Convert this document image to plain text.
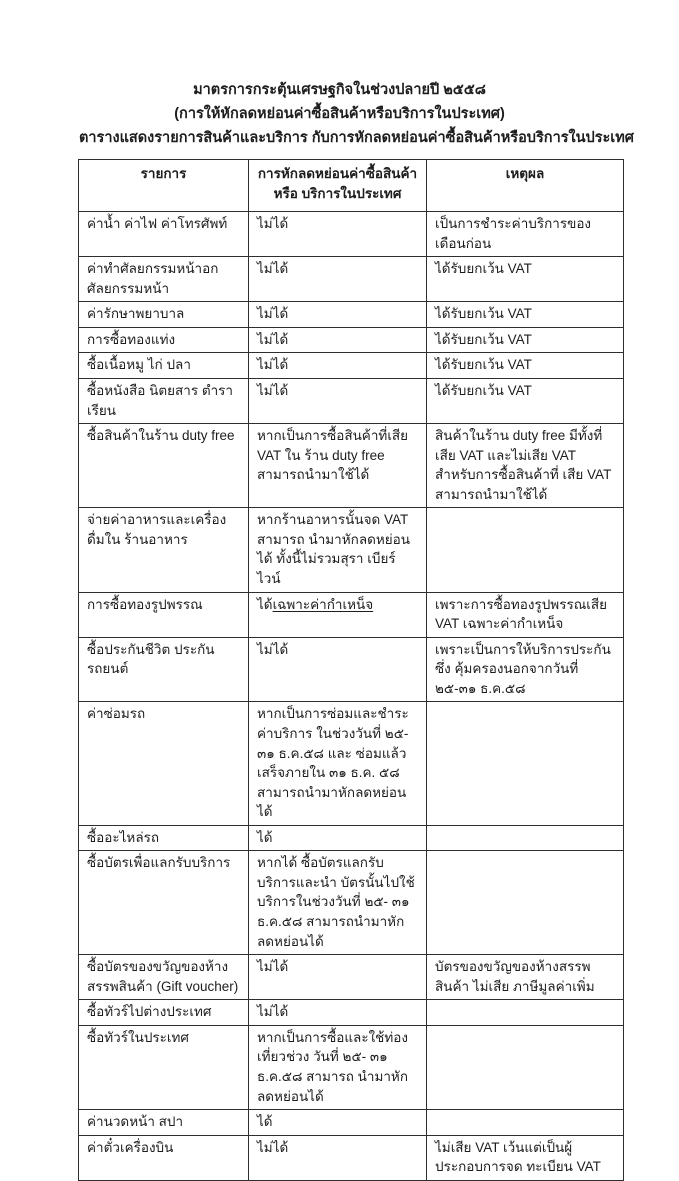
มาตรการกระตุ้นเศรษฐกิจในช่วงปลายปี ๒๕๕๘
(การให้หักลดหย่อนค่าซื้อสินค้าหรือบริการในประเทศ)
ตารางแสดงรายการสินค้าและบริการ กับการหักลดหย่อนค่าซื้อสินค้าหรือบริการในประเทศ
รายการ	การหักลดหย่อนค่าซื้อสินค้าหรือ บริการในประเทศ	เหตุผล
ค่าน้ำ ค่าไฟ ค่าโทรศัพท์	ไม่ได้	เป็นการชำระค่าบริการของเดือนก่อน
ค่าทำศัลยกรรมหน้าอก ศัลยกรรมหน้า	ไม่ได้	ได้รับยกเว้น VAT
ค่ารักษาพยาบาล	ไม่ได้	ได้รับยกเว้น VAT
การซื้อทองแท่ง	ไม่ได้	ได้รับยกเว้น VAT
ซื้อเนื้อหมู ไก่ ปลา	ไม่ได้	ได้รับยกเว้น VAT
ซื้อหนังสือ นิตยสาร ตำราเรียน	ไม่ได้	ได้รับยกเว้น VAT
ซื้อสินค้าในร้าน duty free	หากเป็นการซื้อสินค้าที่เสีย VAT ใน ร้าน duty free สามารถนำมาใช้ได้	สินค้าในร้าน duty free มีทั้งที่เสีย VAT และไม่เสีย VAT สำหรับการซื้อสินค้าที่ เสีย VAT สามารถนำมาใช้ได้
จ่ายค่าอาหารและเครื่องดื่มใน ร้านอาหาร	หากร้านอาหารนั้นจด VAT สามารถ นำมาหักลดหย่อนได้ ทั้งนี้ไม่รวมสุรา เบียร์ ไวน์	
การซื้อทองรูปพรรณ	ได้เฉพาะค่ากำเหน็จ	เพราะการซื้อทองรูปพรรณเสีย VAT เฉพาะค่ากำเหน็จ
ซื้อประกันชีวิต ประกันรถยนต์	ไม่ได้	เพราะเป็นการให้บริการประกันซึ่ง คุ้มครองนอกจากวันที่ ๒๕-๓๑ ธ.ค.๕๘
ค่าซ่อมรถ	หากเป็นการซ่อมและชำระค่าบริการ ในช่วงวันที่ ๒๕- ๓๑ ธ.ค.๕๘ และ ซ่อมแล้วเสร็จภายใน ๓๑ ธ.ค. ๕๘ สามารถนำมาหักลดหย่อนได้	
ซื้ออะไหล่รถ	ได้	
ซื้อบัตรเพื่อแลกรับบริการ	หากได้ ซื้อบัตรแลกรับบริการและนำ บัตรนั้นไปใช้บริการในช่วงวันที่ ๒๕- ๓๑ ธ.ค.๕๘ สามารถนำมาหัก ลดหย่อนได้	
ซื้อบัตรของขวัญของห้างสรรพสินค้า (Gift voucher)	ไม่ได้	บัตรของขวัญของห้างสรรพสินค้า ไม่เสีย ภาษีมูลค่าเพิ่ม
ซื้อทัวร์ไปต่างประเทศ	ไม่ได้	
ซื้อทัวร์ในประเทศ	หากเป็นการซื้อและใช้ท่องเที่ยวช่วง วันที่ ๒๕- ๓๑ ธ.ค.๕๘ สามารถ นำมาหักลดหย่อนได้	
ค่านวดหน้า สปา	ได้	
ค่าตั๋วเครื่องบิน	ไม่ได้	ไม่เสีย VAT เว้นแต่เป็นผู้ประกอบการจด ทะเบียน VAT
